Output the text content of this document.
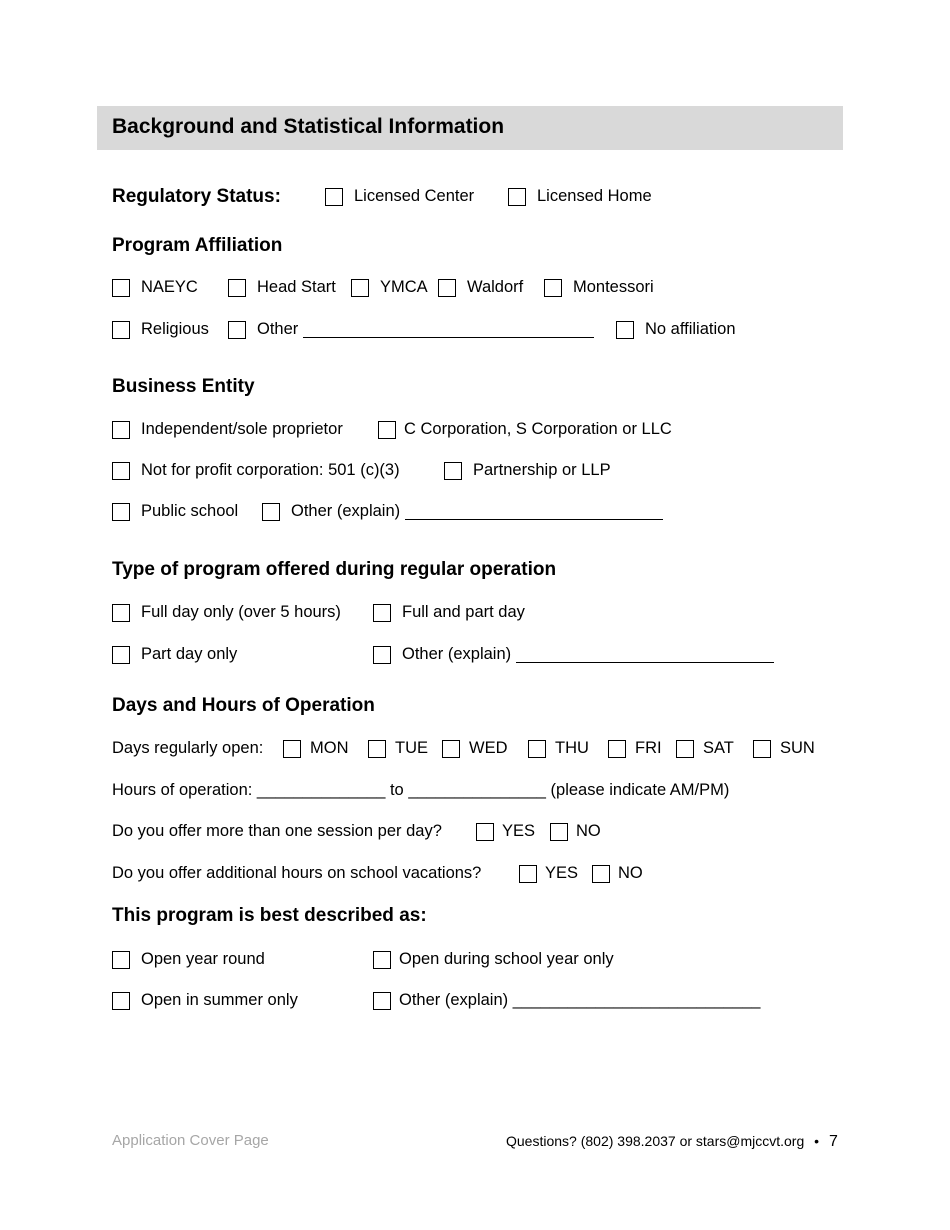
Background and Statistical Information
Regulatory Status:	Licensed Center	Licensed Home
Program Affiliation
NAEYC	Head Start	YMCA Waldorf	Montessori
Religious	Other	No affiliation
Business Entity
Independent/sole proprietor	C Corporation, S Corporation or LLC
Not for profit corporation: 501 (c)(3)	Partnership or LLP
Public school	Other (explain)
Type of program offered during regular operation
Full day only (over 5 hours)	Full and part day
Part day only	Other (explain)
Days and Hours of Operation
Days regularly open:	MON	TUE WED	THU	FRI	SAT	SUN
Hours of operation: ______________ to _______________ (please indicate AM/PM)
Do you offer more than one session per day?	YES NO
Do you offer additional hours on school vacations?	YES NO
This program is best described as:
Open year round	Open during school year only
Open in summer only	Other (explain) ___________________________
Application Cover Page	Questions? (802) 398.2037 or stars@mjccvt.org • 7
